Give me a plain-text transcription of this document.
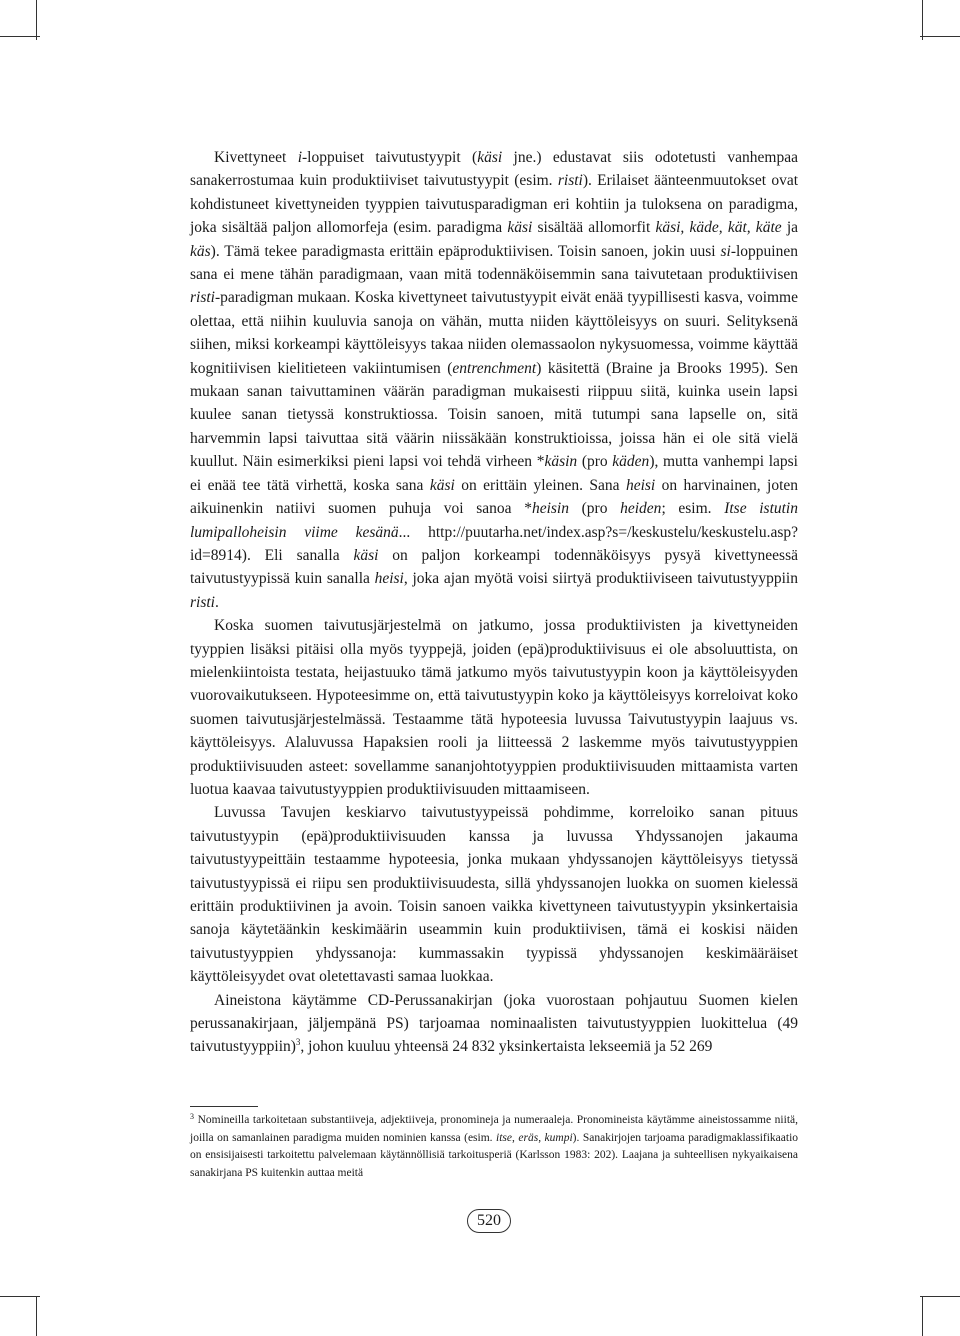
Kivettyneet i-loppuiset taivutustyypit (käsi jne.) edustavat siis odotetusti vanhempaa sanakerrostumaa kuin produktiiviset taivutustyypit (esim. risti). Erilaiset äänteenmuutokset ovat kohdistuneet kivettyneiden tyyppien taivutusparadigman eri kohtiin ja tuloksena on paradigma, joka sisältää paljon allomorfeja (esim. paradigma käsi sisältää allomorfit käsi, käde, kät, käte ja käs). Tämä tekee paradigmasta erittäin epäproduktiivisen. Toisin sanoen, jokin uusi si-loppuinen sana ei mene tähän paradigmaan, vaan mitä todennäköisemmin sana taivutetaan produktiivisen risti-paradigman mukaan. Koska kivettyneet taivutustyypit eivät enää tyypillisesti kasva, voimme olettaa, että niihin kuuluvia sanoja on vähän, mutta niiden käyttöleisyys on suuri. Selityksenä siihen, miksi korkeampi käyttöleisyys takaa niiden olemassaolon nykysuomessa, voimme käyttää kognitiivisen kielitieteen vakiintumisen (entrenchment) käsitettä (Braine ja Brooks 1995). Sen mukaan sanan taivuttaminen väärän paradigman mukaisesti riippuu siitä, kuinka usein lapsi kuulee sanan tietyssä konstruktiossa. Toisin sanoen, mitä tutumpi sana lapselle on, sitä harvemmin lapsi taivuttaa sitä väärin niissäkään konstruktioissa, joissa hän ei ole sitä vielä kuullut. Näin esimerkiksi pieni lapsi voi tehdä virheen *käsin (pro käden), mutta vanhempi lapsi ei enää tee tätä virhettä, koska sana käsi on erittäin yleinen. Sana heisi on harvinainen, joten aikuinenkin natiivi suomen puhuja voi sanoa *heisin (pro heiden; esim. Itse istutin lumipalloheisin viime kesänä... http://puutarha.net/index.asp?s=/keskustelu/keskustelu.asp?id=8914). Eli sanalla käsi on paljon korkeampi todennäköisyys pysyä kivettyneessä taivutustyypissä kuin sanalla heisi, joka ajan myötä voisi siirtyä produktiiviseen taivutustyyppiin risti.

Koska suomen taivutusjärjestelmä on jatkumo, jossa produktiivisten ja kivettyneiden tyyppien lisäksi pitäisi olla myös tyyppejä, joiden (epä)produktiivisuus ei ole absoluuttista, on mielenkiintoista testata, heijastuuko tämä jatkumo myös taivutustyypin koon ja käyttöleisyyden vuorovaikutukseen. Hypoteesimme on, että taivutustyypin koko ja käyttöleisyys korreloivat koko suomen taivutusjärjestelmässä. Testaamme tätä hypoteesia luvussa Taivutustyypin laajuus vs. käyttöleisyys. Alaluvussa Hapaksien rooli ja liitteessä 2 laskemme myös taivutustyyppien produktiivisuuden asteet: sovellamme sananjohtotyyppien produktiivisuuden mittaamista varten luotua kaavaa taivutustyyppien produktiivisuuden mittaamiseen.

Luvussa Tavujen keskiarvo taivutustyypeissä pohdimme, korreloiko sanan pituus taivutustyypin (epä)produktiivisuuden kanssa ja luvussa Yhdyssanojen jakauma taivutustyypeittäin testaamme hypoteesia, jonka mukaan yhdyssanojen käyttöleisyys tietyssä taivutustyypissä ei riipu sen produktiivisuudesta, sillä yhdyssanojen luokka on suomen kielessä erittäin produktiivinen ja avoin. Toisin sanoen vaikka kivettyneen taivutustyypin yksinkertaisia sanoja käytetäänkin keskimäärin useammin kuin produktiivisen, tämä ei koskisi näiden taivutustyyppien yhdyssanoja: kummassakin tyypissä yhdyssanojen keskimääräiset käyttöleisyydet ovat oletettavasti samaa luokkaa.

Aineistona käytämme CD-Perussanakirjan (joka vuorostaan pohjautuu Suomen kielen perussanakirjaan, jäljempänä PS) tarjoamaa nominaalisten taivutustyyppien luokittelua (49 taivutustyyppiin)$^3$, johon kuuluu yhteensä 24 832 yksinkertaista lekseemiä ja 52 269

$^3$ Nomineilla tarkoitetaan substantiiveja, adjektiiveja, pronomineja ja numeraaleja. Pronomineista käytämme aineistossamme niitä, joilla on samanlainen paradigma muiden nominien kanssa (esim. itse, eräs, kumpi). Sanakirjojen tarjoama paradigmaklassifikaatio on ensisijaisesti tarkoitettu palvelemaan käytännöllisiä tarkoitusperiä (Karlsson 1983: 202). Laajana ja suhteellisen nykyaikaisena sanakirjana PS kuitenkin auttaa meitä
520
